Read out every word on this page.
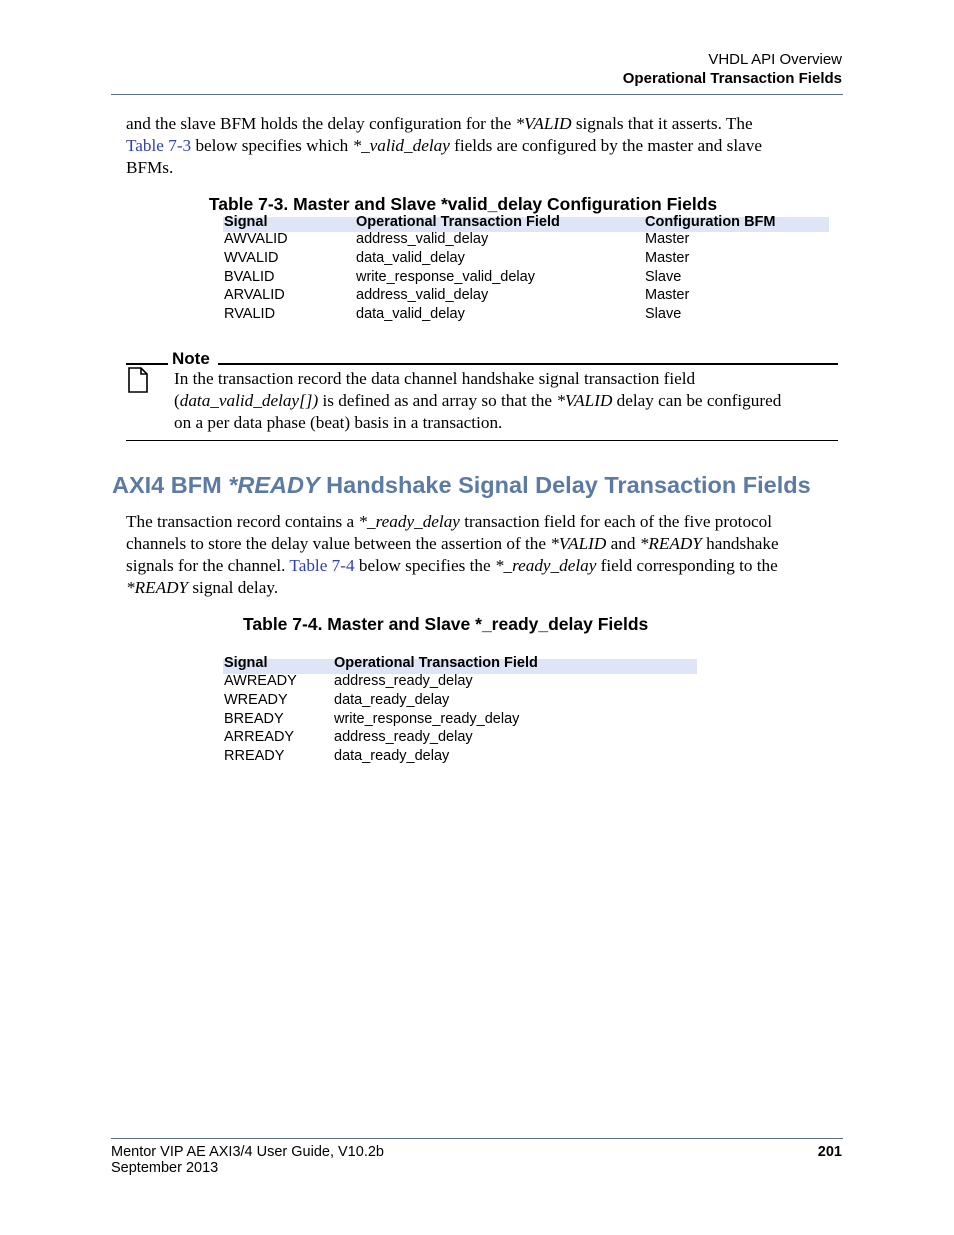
VHDL API Overview
Operational Transaction Fields
and the slave BFM holds the delay configuration for the *VALID signals that it asserts. The
Table 7-3 below specifies which *_valid_delay fields are configured by the master and slave
BFMs.
Table 7-3. Master and Slave *valid_delay Configuration Fields
Signal	Operational Transaction Field	Configuration BFM
AWVALID	address_valid_delay	Master
WVALID	data_valid_delay	Master
BVALID	write_response_valid_delay	Slave
ARVALID	address_valid_delay	Master
RVALID	data_valid_delay	Slave
Note
In the transaction record the data channel handshake signal transaction field
(data_valid_delay[]) is defined as and array so that the *VALID delay can be configured
on a per data phase (beat) basis in a transaction.
AXI4 BFM *READY Handshake Signal Delay Transaction Fields
The transaction record contains a *_ready_delay transaction field for each of the five protocol
channels to store the delay value between the assertion of the *VALID and *READY handshake
signals for the channel. Table 7-4 below specifies the *_ready_delay field corresponding to the
*READY signal delay.
Table 7-4. Master and Slave *_ready_delay Fields
Signal	Operational Transaction Field
AWREADY	address_ready_delay
WREADY	data_ready_delay
BREADY	write_response_ready_delay
ARREADY	address_ready_delay
RREADY	data_ready_delay
Mentor VIP AE AXI3/4 User Guide, V10.2b
September 2013
201
